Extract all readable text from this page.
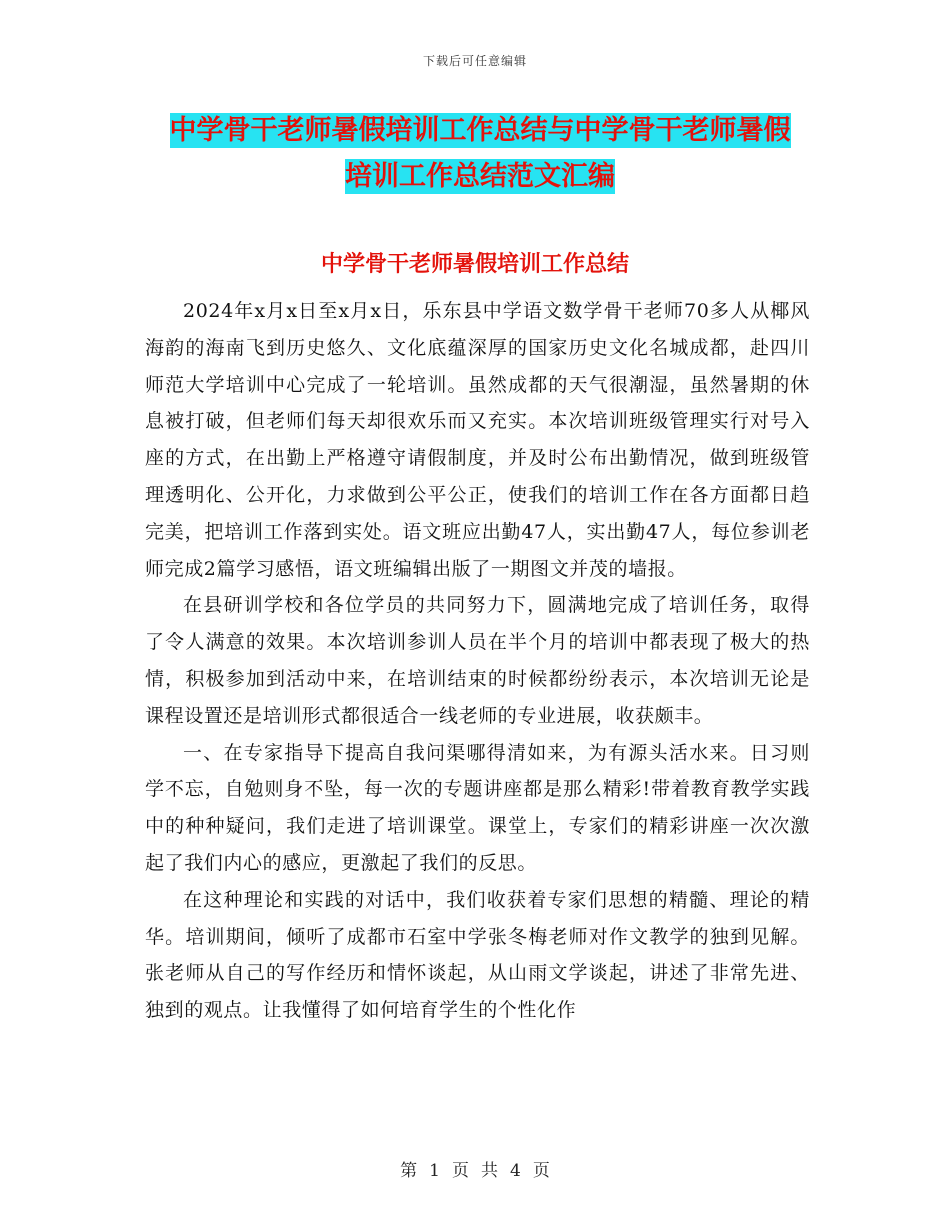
下载后可任意编辑
中学骨干老师暑假培训工作总结与中学骨干老师暑假
培训工作总结范文汇编
中学骨干老师暑假培训工作总结

2024年x月x日至x月x日，乐东县中学语文数学骨干老师70多人从椰风海韵的海南飞到历史悠久、文化底蕴深厚的国家历史文化名城成都，赴四川师范大学培训中心完成了一轮培训。虽然成都的天气很潮湿，虽然暑期的休息被打破，但老师们每天却很欢乐而又充实。本次培训班级管理实行对号入座的方式，在出勤上严格遵守请假制度，并及时公布出勤情况，做到班级管理透明化、公开化，力求做到公平公正，使我们的培训工作在各方面都日趋完美，把培训工作落到实处。语文班应出勤47人，实出勤47人，每位参训老师完成2篇学习感悟，语文班编辑出版了一期图文并茂的墙报。

在县研训学校和各位学员的共同努力下，圆满地完成了培训任务，取得了令人满意的效果。本次培训参训人员在半个月的培训中都表现了极大的热情，积极参加到活动中来，在培训结束的时候都纷纷表示，本次培训无论是课程设置还是培训形式都很适合一线老师的专业进展，收获颇丰。

一、在专家指导下提高自我问渠哪得清如来，为有源头活水来。日习则学不忘，自勉则身不坠，每一次的专题讲座都是那么精彩!带着教育教学实践中的种种疑问，我们走进了培训课堂。课堂上，专家们的精彩讲座一次次激起了我们内心的感应，更激起了我们的反思。

在这种理论和实践的对话中，我们收获着专家们思想的精髓、理论的精华。培训期间，倾听了成都市石室中学张冬梅老师对作文教学的独到见解。张老师从自己的写作经历和情怀谈起，从山雨文学谈起，讲述了非常先进、独到的观点。让我懂得了如何培育学生的个性化作

第 1 页 共 4 页
